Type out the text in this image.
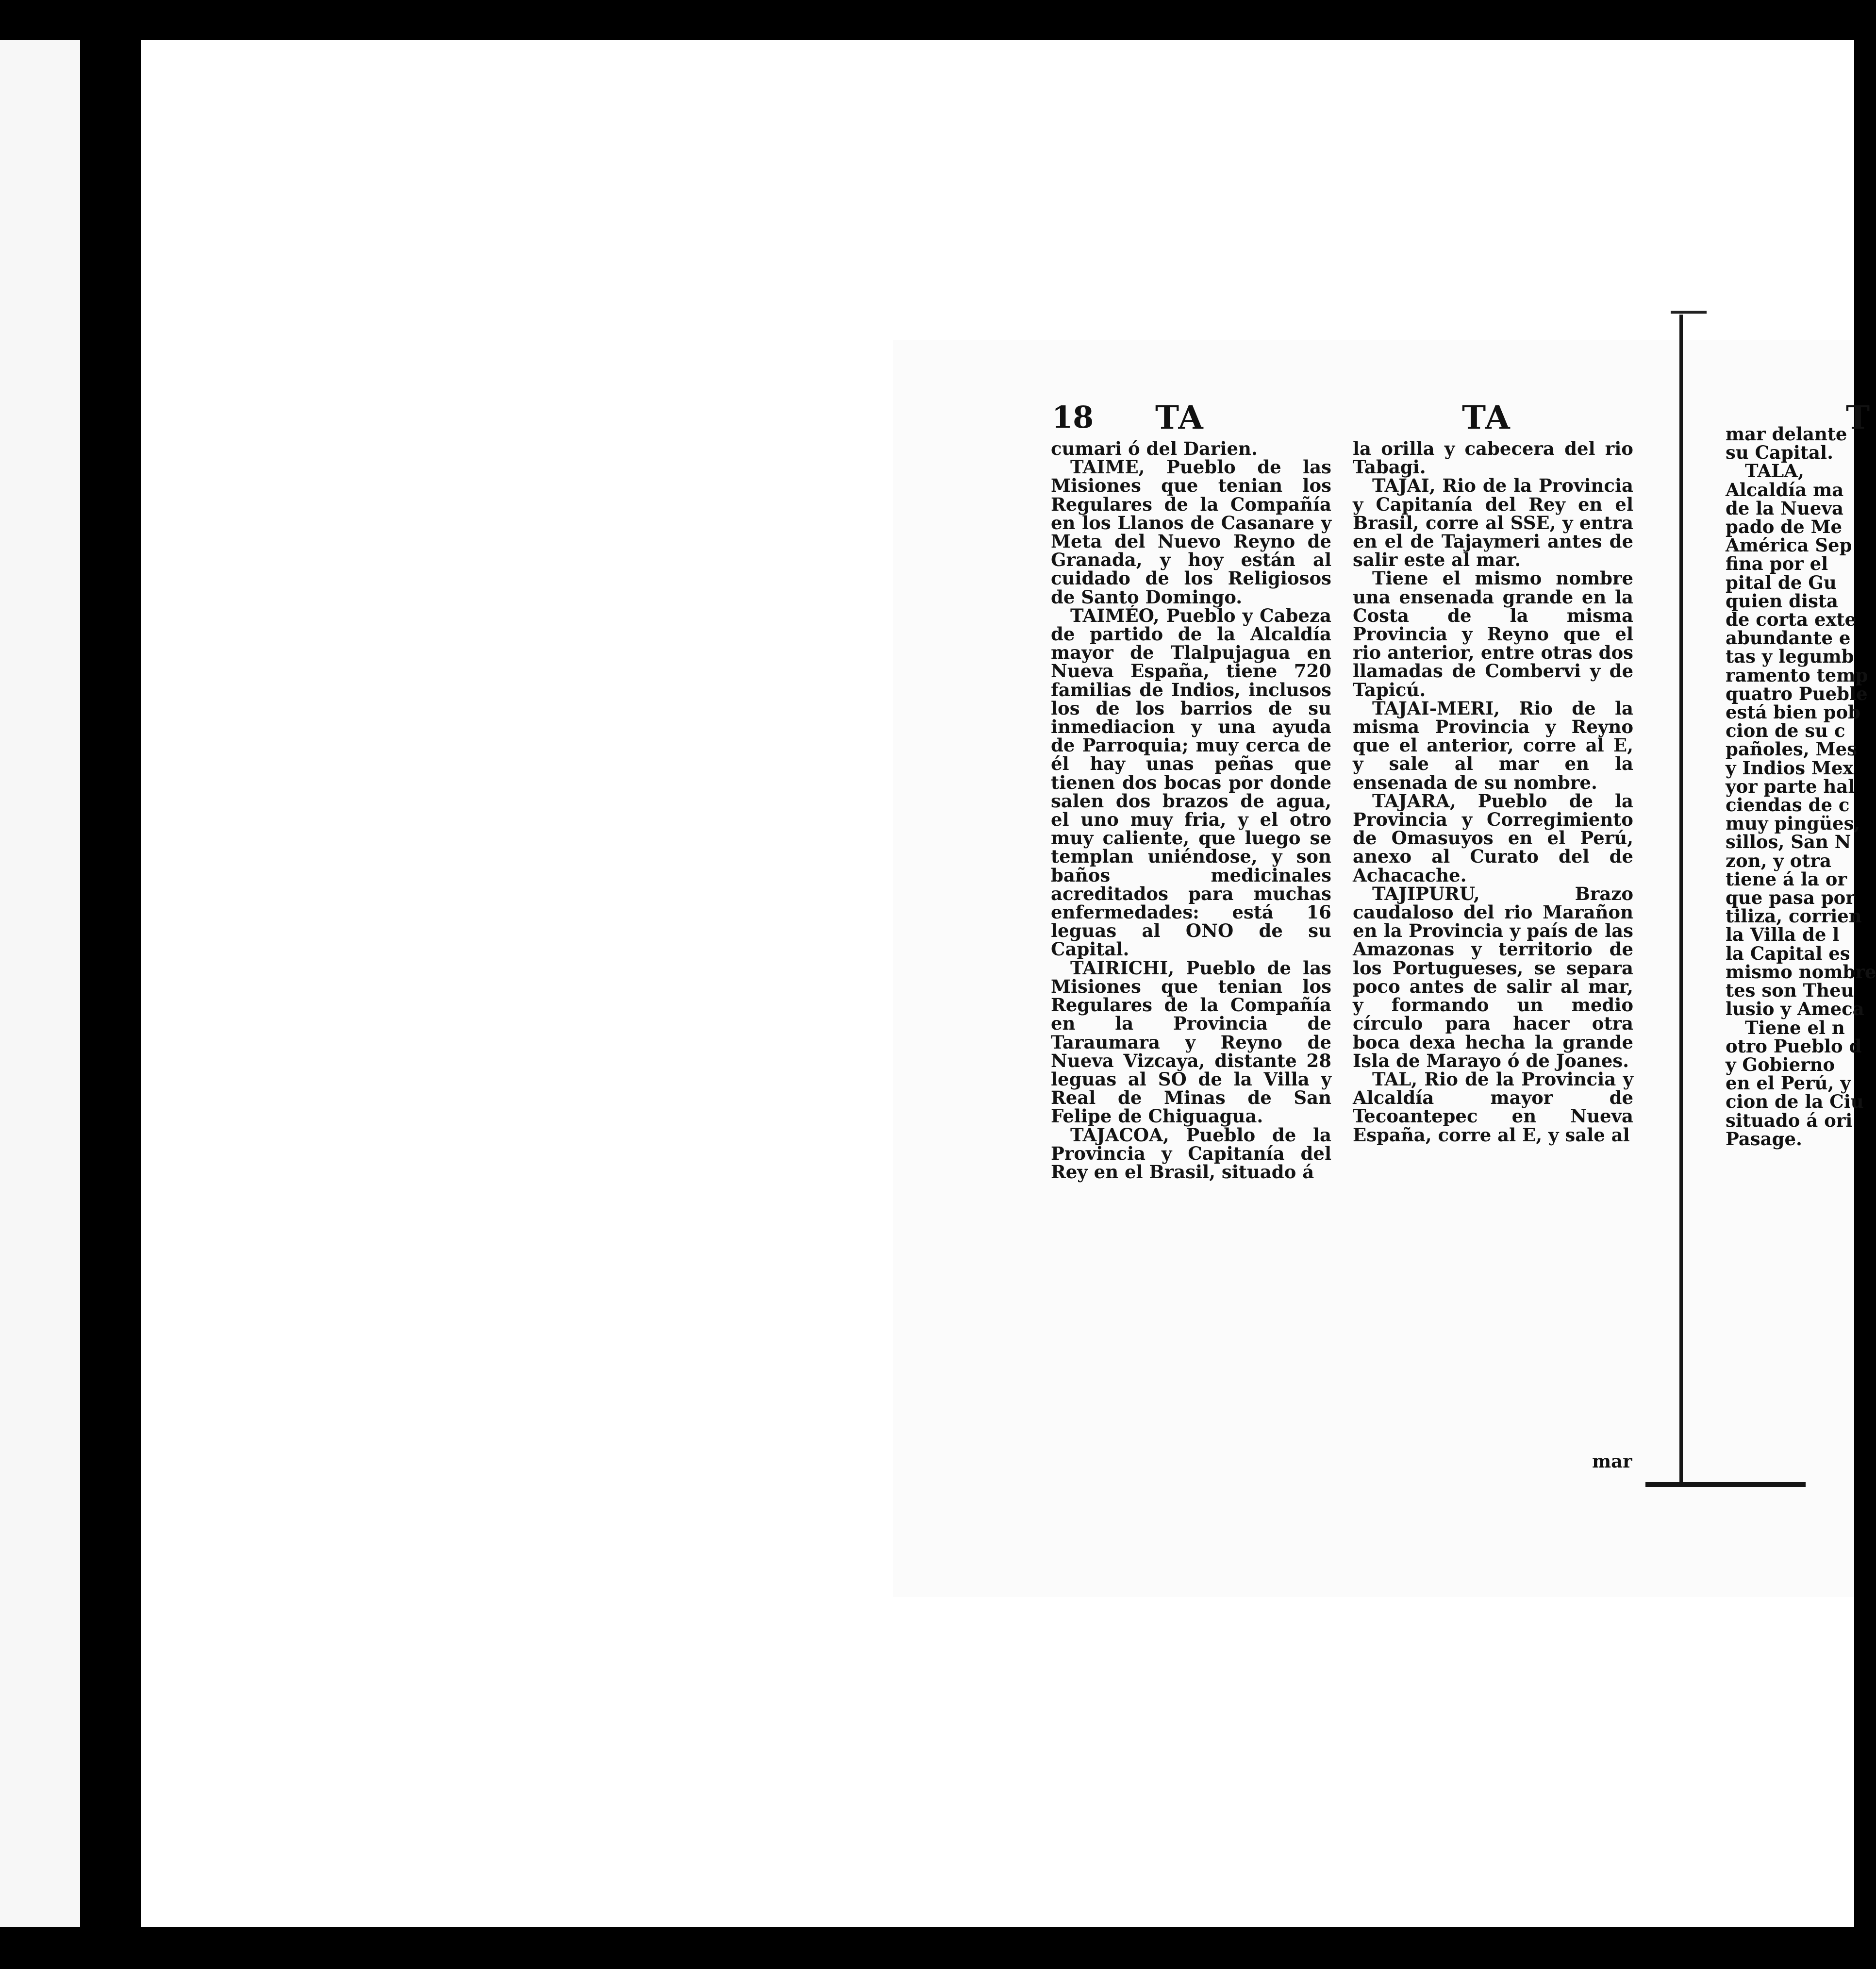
18 TA	TA

cumari ó del Darien.

TAIME, Pueblo de las Misiones que tenian los Regulares de la Compañía en los Llanos de Casanare y Meta del Nuevo Reyno de Granada, y hoy están al cuidado de los Religiosos de Santo Domingo.

TAIMÉO, Pueblo y Cabeza de partido de la Alcaldía mayor de Tlalpujagua en Nueva España, tiene 720 familias de Indios, inclusos los de los barrios de su inmediacion y una ayuda de Parroquia; muy cerca de él hay unas peñas que tienen dos bocas por donde salen dos brazos de agua, el uno muy fria, y el otro muy caliente, que luego se templan uniéndose, y son baños medicinales acreditados para muchas enfermedades: está 16 leguas al ONO de su Capital.

TAIRICHI, Pueblo de las Misiones que tenian los Regulares de la Compañía en la Provincia de Taraumara y Reyno de Nueva Vizcaya, distante 28 leguas al SO de la Villa y Real de Minas de San Felipe de Chiguagua.

TAJACOA, Pueblo de la Provincia y Capitanía del Rey en el Brasil, situado á

la orilla y cabecera del rio Tabagi.

TAJAI, Rio de la Provincia y Capitanía del Rey en el Brasil, corre al SSE, y entra en el de Tajaymeri antes de salir este al mar.

Tiene el mismo nombre una ensenada grande en la Costa de la misma Provincia y Reyno que el rio anterior, entre otras dos llamadas de Combervi y de Tapicú.

TAJAI-MERI, Rio de la misma Provincia y Reyno que el anterior, corre al E, y sale al mar en la ensenada de su nombre.

TAJARA, Pueblo de la Provincia y Corregimiento de Omasuyos en el Perú, anexo al Curato del de Achacache.

TAJIPURU, Brazo caudaloso del rio Marañon en la Provincia y país de las Amazonas y territorio de los Portugueses, se separa poco antes de salir al mar, y formando un medio círculo para hacer otra boca dexa hecha la grande Isla de Marayo ó de Joanes.

TAL, Rio de la Provincia y Alcaldía mayor de Tecoantepec en Nueva España, corre al E, y sale al

mar
T
mar delante
su Capital.
TALA,
Alcaldía ma
de la Nueva
pado de Me
América Sep
fina por el
pital de Gu
quien dista
de corta exte
abundante e
tas y legumb
ramento temp
quatro Pueble
está bien pob
cion de su c
pañoles, Mes
y Indios Mex
yor parte hal
ciendas de c
muy pingües,
sillos, San N
zon, y otra
tiene á la or
que pasa por
tiliza, corrien
la Villa de l
la Capital es
mismo nombre
tes son Theu
lusio y Ameca
Tiene el n
otro Pueblo d
y Gobierno
en el Perú, y
cion de la Ciu
situado á ori
Pasage.
